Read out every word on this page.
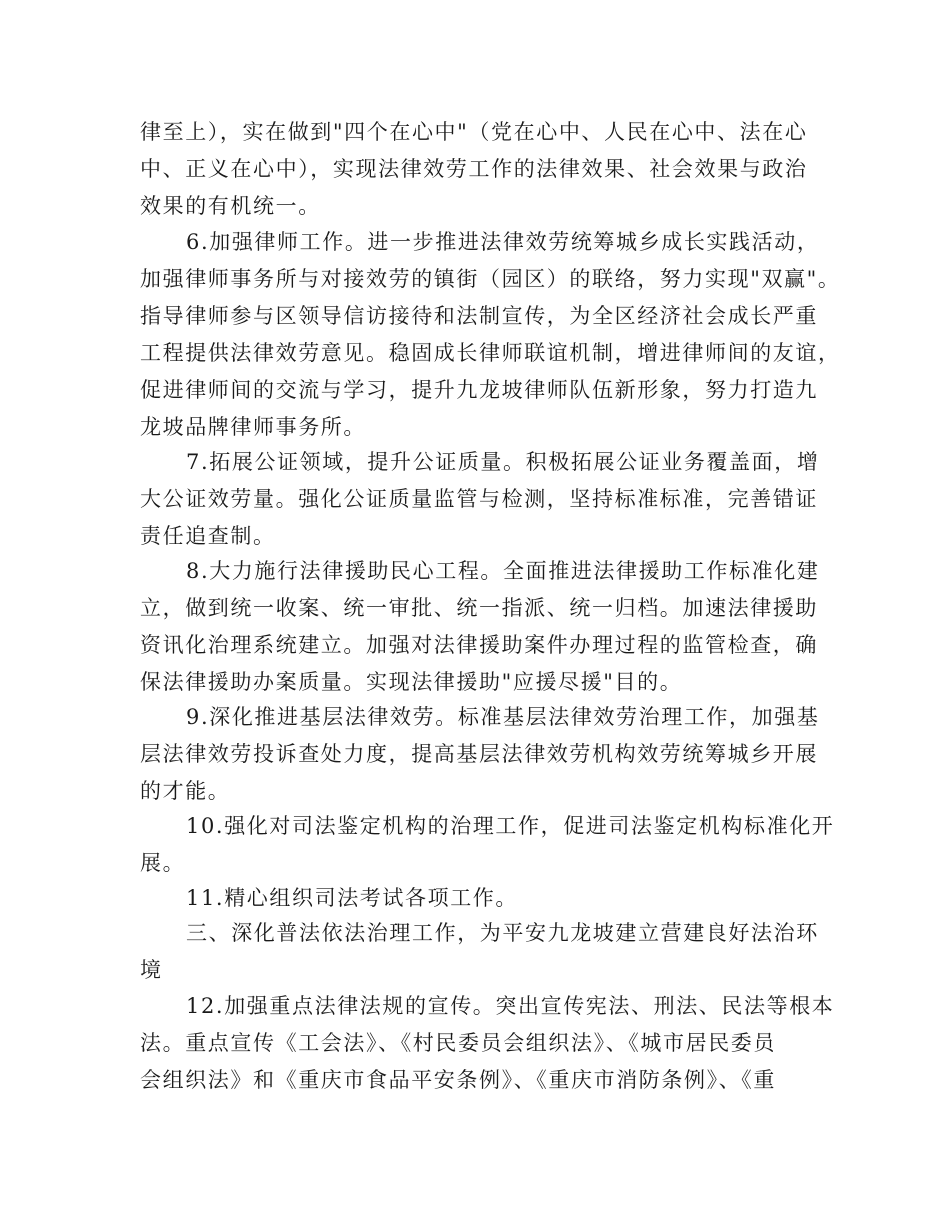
律至上），实在做到"四个在心中"（党在心中、人民在心中、法在心
中、正义在心中），实现法律效劳工作的法律效果、社会效果与政治
效果的有机统一。
6.加强律师工作。进一步推进法律效劳统筹城乡成长实践活动，
加强律师事务所与对接效劳的镇街（园区）的联络，努力实现"双赢"。
指导律师参与区领导信访接待和法制宣传，为全区经济社会成长严重
工程提供法律效劳意见。稳固成长律师联谊机制，增进律师间的友谊，
促进律师间的交流与学习，提升九龙坡律师队伍新形象，努力打造九
龙坡品牌律师事务所。
7.拓展公证领域，提升公证质量。积极拓展公证业务覆盖面，增
大公证效劳量。强化公证质量监管与检测，坚持标准标准，完善错证
责任追查制。
8.大力施行法律援助民心工程。全面推进法律援助工作标准化建
立，做到统一收案、统一审批、统一指派、统一归档。加速法律援助
资讯化治理系统建立。加强对法律援助案件办理过程的监管检查，确
保法律援助办案质量。实现法律援助"应援尽援"目的。
9.深化推进基层法律效劳。标准基层法律效劳治理工作，加强基
层法律效劳投诉查处力度，提高基层法律效劳机构效劳统筹城乡开展
的才能。
10.强化对司法鉴定机构的治理工作，促进司法鉴定机构标准化开
展。
11.精心组织司法考试各项工作。
三、深化普法依法治理工作，为平安九龙坡建立营建良好法治环
境
12.加强重点法律法规的宣传。突出宣传宪法、刑法、民法等根本
法。重点宣传《工会法》、《村民委员会组织法》、《城市居民委员
会组织法》和《重庆市食品平安条例》、《重庆市消防条例》、《重
